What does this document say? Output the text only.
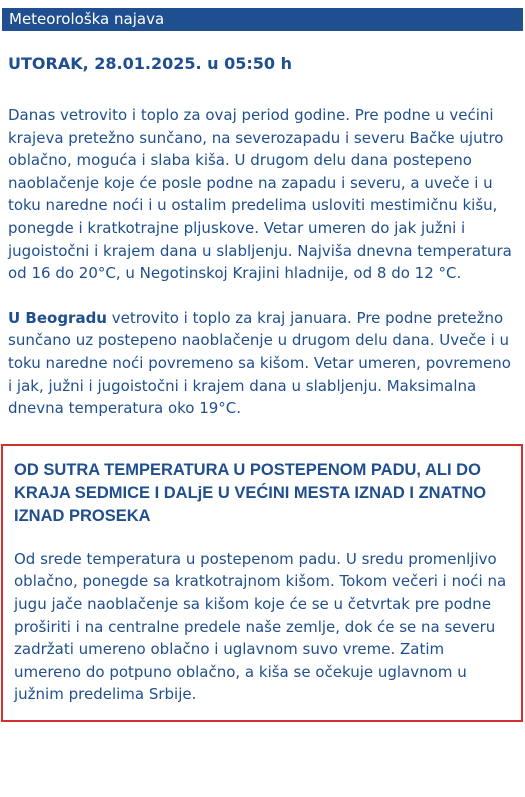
Meteorološka najava
UTORAK, 28.01.2025. u 05:50 h

Danas vetrovito i toplo za ovaj period godine. Pre podne u većini krajeva pretežno sunčano, na severozapadu i severu Bačke ujutro oblačno, moguća i slaba kiša. U drugom delu dana postepeno naoblačenje koje će posle podne na zapadu i severu, a uveče i u toku naredne noći i u ostalim predelima usloviti mestimičnu kišu, ponegde i kratkotrajne pljuskove. Vetar umeren do jak južni i jugoistočni i krajem dana u slabljenju. Najviša dnevna temperatura od 16 do 20°C, u Negotinskoj Krajini hladnije, od 8 do 12 °C.

U Beogradu vetrovito i toplo za kraj januara. Pre podne pretežno sunčano uz postepeno naoblačenje u drugom delu dana. Uveče i u toku naredne noći povremeno sa kišom. Vetar umeren, povremeno i jak, južni i jugoistočni i krajem dana u slabljenju. Maksimalna dnevna temperatura oko 19°C.

OD SUTRA TEMPERATURA U POSTEPENOM PADU, ALI DO KRAJA SEDMICE I DALjE U VEĆINI MESTA IZNAD I ZNATNO IZNAD PROSEKA

Od srede temperatura u postepenom padu. U sredu promenljivo oblačno, ponegde sa kratkotrajnom kišom. Tokom večeri i noći na jugu jače naoblačenje sa kišom koje će se u četvrtak pre podne proširiti i na centralne predele naše zemlje, dok će se na severu zadržati umereno oblačno i uglavnom suvo vreme. Zatim umereno do potpuno oblačno, a kiša se očekuje uglavnom u južnim predelima Srbije.
